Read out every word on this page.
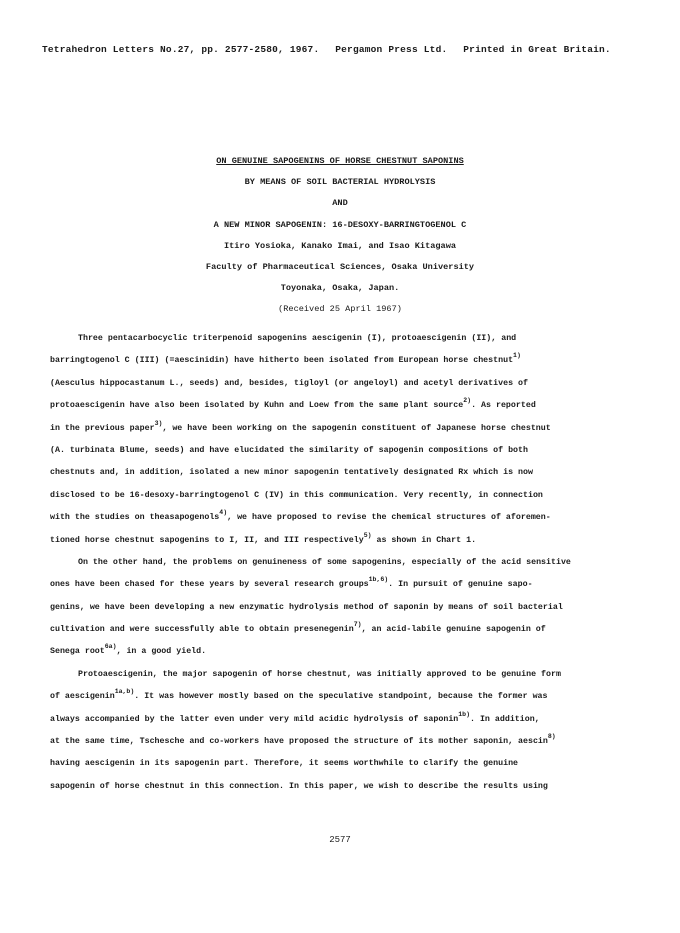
Tetrahedron Letters No.27, pp. 2577-2580, 1967. Pergamon Press Ltd. Printed in Great Britain.
ON GENUINE SAPOGENINS OF HORSE CHESTNUT SAPONINS
BY MEANS OF SOIL BACTERIAL HYDROLYSIS
AND
A NEW MINOR SAPOGENIN: 16-DESOXY-BARRINGTOGENOL C
Itiro Yosioka, Kanako Imai, and Isao Kitagawa
Faculty of Pharmaceutical Sciences, Osaka University
Toyonaka, Osaka, Japan.
(Received 25 April 1967)
Three pentacarbocyclic triterpenoid sapogenins aescigenin (I), protoaescigenin (II), and
barringtogenol C (III) (=aescinidin) have hitherto been isolated from European horse chestnut$^{1)}$
(Aesculus hippocastanum L., seeds) and, besides, tigloyl (or angeloyl) and acetyl derivatives of
protoaescigenin have also been isolated by Kuhn and Loew from the same plant source$^{2)}$. As reported
in the previous paper$^{3)}$, we have been working on the sapogenin constituent of Japanese horse chestnut
(A. turbinata Blume, seeds) and have elucidated the similarity of sapogenin compositions of both
chestnuts and, in addition, isolated a new minor sapogenin tentatively designated Rx which is now
disclosed to be 16-desoxy-barringtogenol C (IV) in this communication. Very recently, in connection
with the studies on theasapogenols$^{4)}$, we have proposed to revise the chemical structures of aforemen-
tioned horse chestnut sapogenins to I, II, and III respectively$^{5)}$ as shown in Chart 1.
On the other hand, the problems on genuineness of some sapogenins, especially of the acid sensitive
ones have been chased for these years by several research groups$^{1b,6)}$. In pursuit of genuine sapo-
genins, we have been developing a new enzymatic hydrolysis method of saponin by means of soil bacterial
cultivation and were successfully able to obtain presenegenin$^{7)}$, an acid-labile genuine sapogenin of
Senega root$^{6a)}$, in a good yield.
Protoaescigenin, the major sapogenin of horse chestnut, was initially approved to be genuine form
of aescigenin$^{1a,b)}$. It was however mostly based on the speculative standpoint, because the former was
always accompanied by the latter even under very mild acidic hydrolysis of saponin$^{1b)}$. In addition,
at the same time, Tschesche and co-workers have proposed the structure of its mother saponin, aescin$^{8)}$
having aescigenin in its sapogenin part. Therefore, it seems worthwhile to clarify the genuine
sapogenin of horse chestnut in this connection. In this paper, we wish to describe the results using
2577
